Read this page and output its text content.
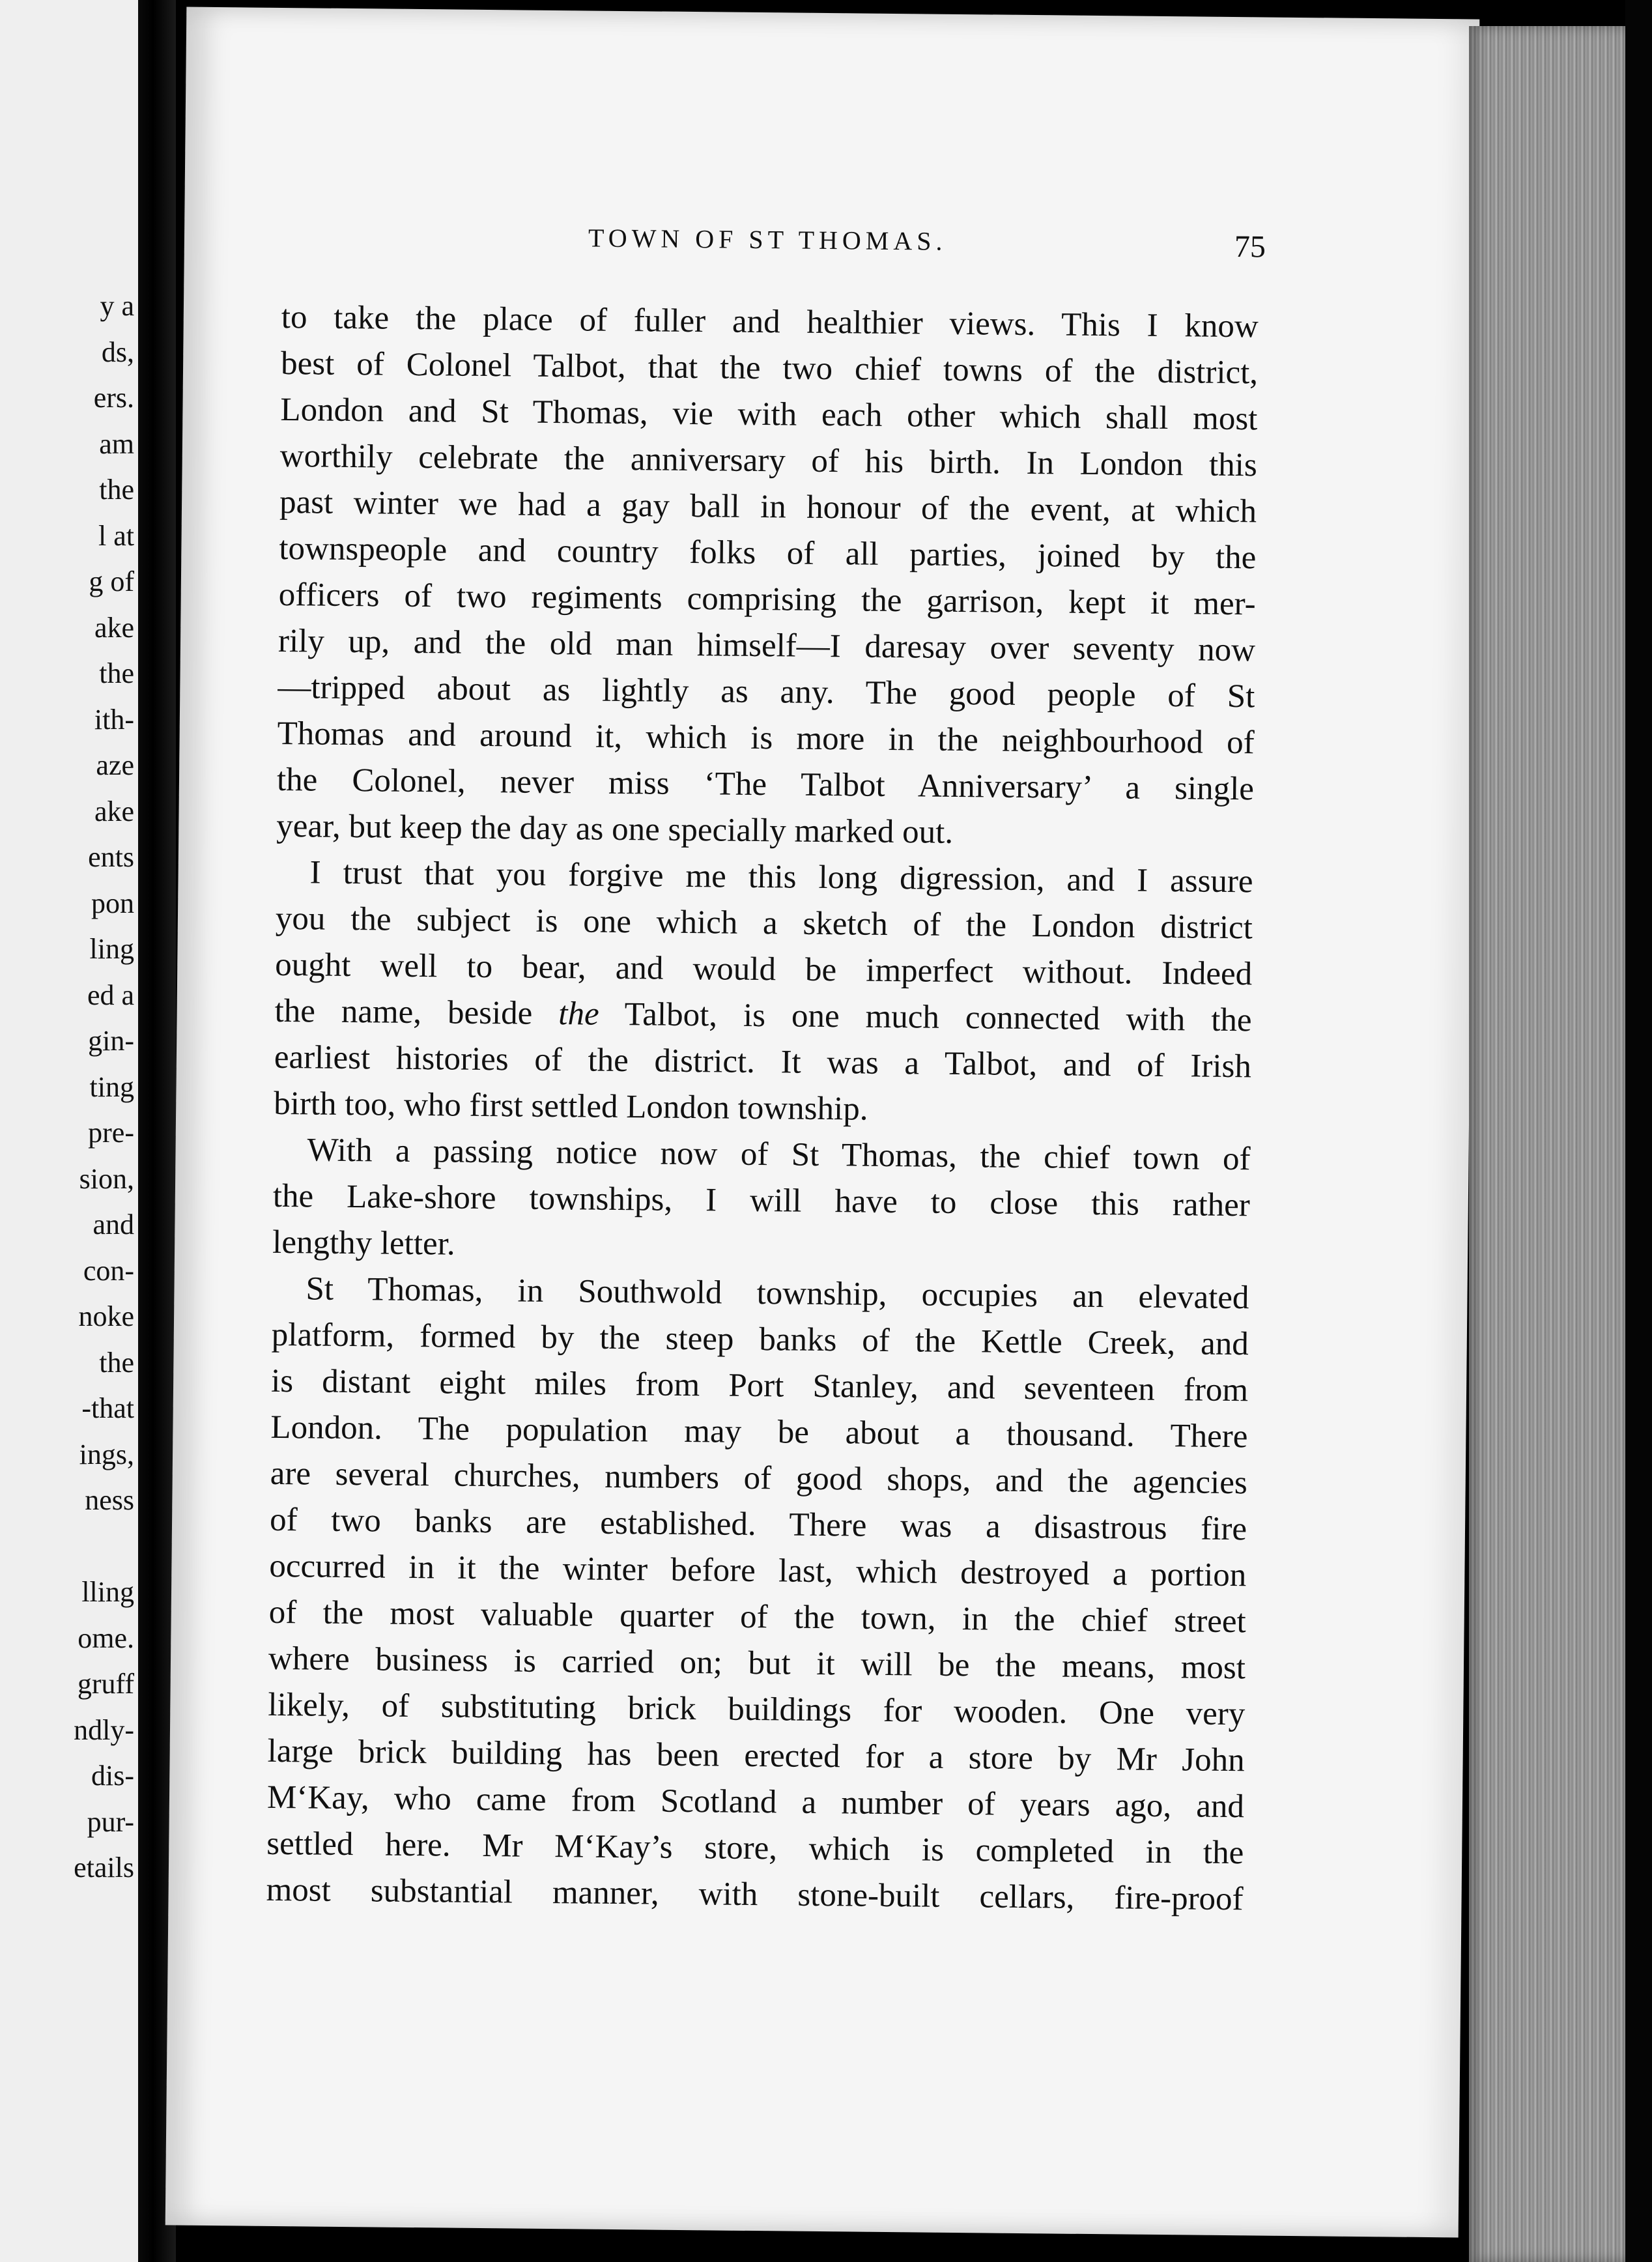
y a
ds,
ers.
am
the
l at
g of
ake
the
ith-
aze
ake
ents
pon
ling
ed a
gin-
ting
pre-
sion,
and
con-
noke
the
-that
ings,
ness
lling
ome.
gruff
ndly-
dis-
pur-
etails
TOWN OF ST THOMAS.	75
to take the place of fuller and healthier views. This I know
best of Colonel Talbot, that the two chief towns of the district,
London and St Thomas, vie with each other which shall most
worthily celebrate the anniversary of his birth. In London this
past winter we had a gay ball in honour of the event, at which
townspeople and country folks of all parties, joined by the
officers of two regiments comprising the garrison, kept it mer-
rily up, and the old man himself—I daresay over seventy now
—tripped about as lightly as any. The good people of St
Thomas and around it, which is more in the neighbourhood of
the Colonel, never miss ‘The Talbot Anniversary’ a single
year, but keep the day as one specially marked out.
I trust that you forgive me this long digression, and I assure
you the subject is one which a sketch of the London district
ought well to bear, and would be imperfect without. Indeed
the name, beside the Talbot, is one much connected with the
earliest histories of the district. It was a Talbot, and of Irish
birth too, who first settled London township.
With a passing notice now of St Thomas, the chief town of
the Lake-shore townships, I will have to close this rather
lengthy letter.
St Thomas, in Southwold township, occupies an elevated
platform, formed by the steep banks of the Kettle Creek, and
is distant eight miles from Port Stanley, and seventeen from
London. The population may be about a thousand. There
are several churches, numbers of good shops, and the agencies
of two banks are established. There was a disastrous fire
occurred in it the winter before last, which destroyed a portion
of the most valuable quarter of the town, in the chief street
where business is carried on; but it will be the means, most
likely, of substituting brick buildings for wooden. One very
large brick building has been erected for a store by Mr John
M‘Kay, who came from Scotland a number of years ago, and
settled here. Mr M‘Kay’s store, which is completed in the
most substantial manner, with stone-built cellars, fire-proof
